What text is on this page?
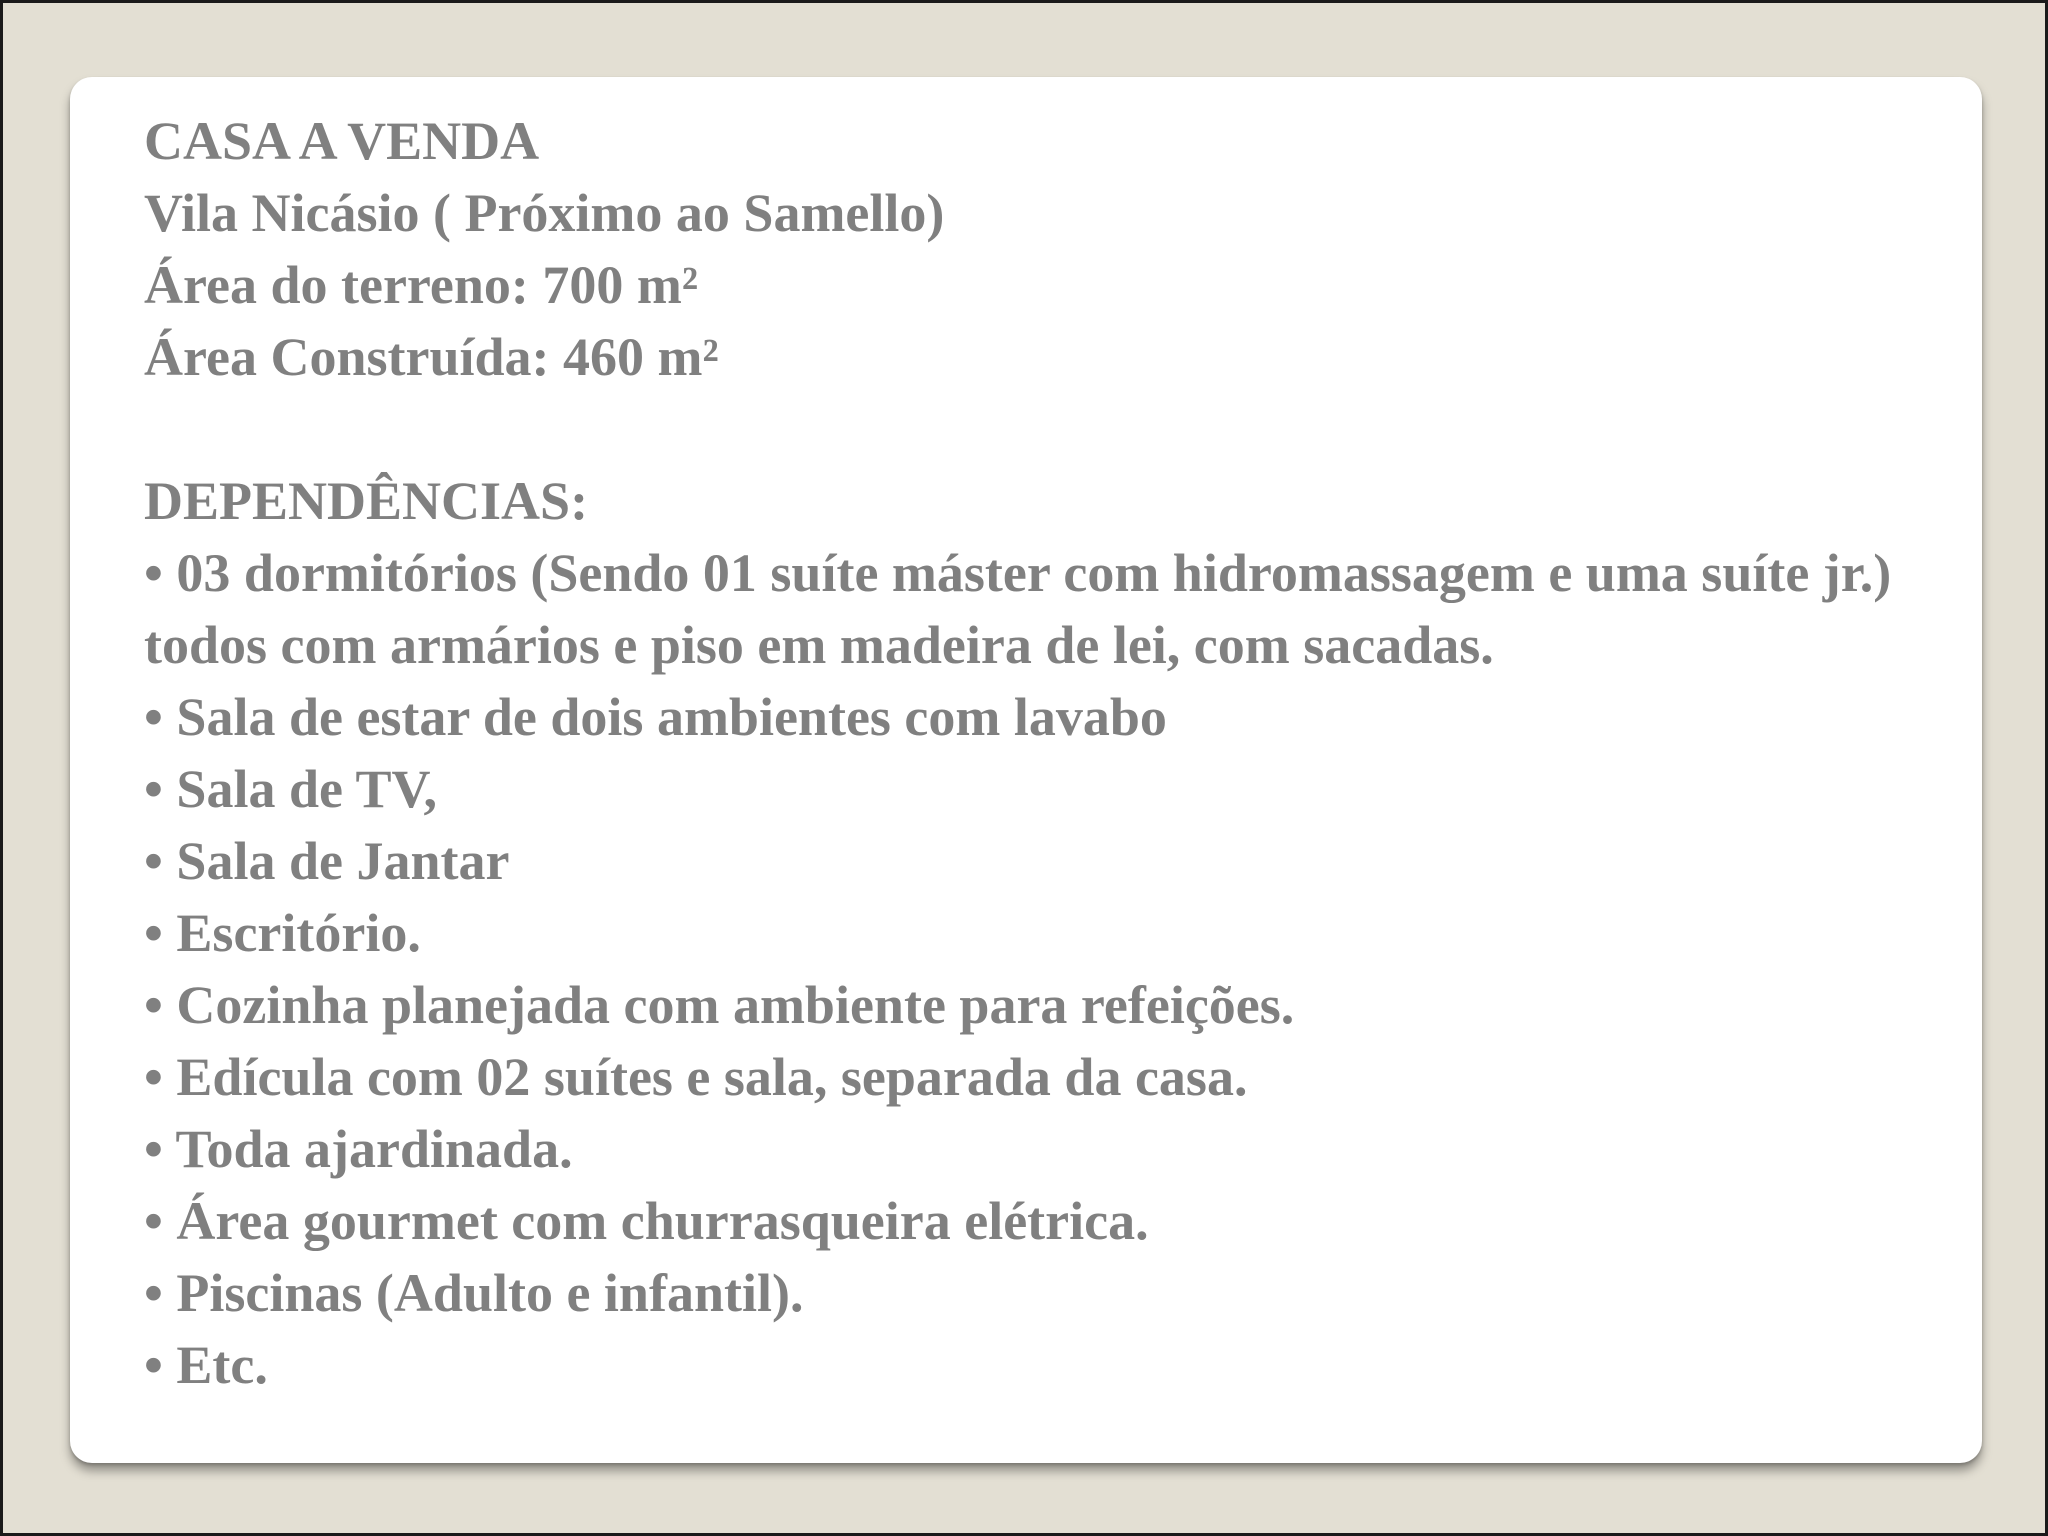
CASA A VENDA
Vila Nicásio ( Próximo ao Samello)
Área do terreno: 700 m²
Área Construída: 460 m²
DEPENDÊNCIAS:
• 03 dormitórios (Sendo 01 suíte máster com hidromassagem e uma suíte jr.) todos com armários e piso em madeira de lei, com sacadas.
• Sala de estar de dois ambientes com lavabo
• Sala de TV,
• Sala de Jantar
• Escritório.
• Cozinha planejada com ambiente para refeições.
• Edícula com 02 suítes e sala, separada da casa.
• Toda ajardinada.
• Área gourmet com churrasqueira elétrica.
• Piscinas (Adulto e infantil).
• Etc.
